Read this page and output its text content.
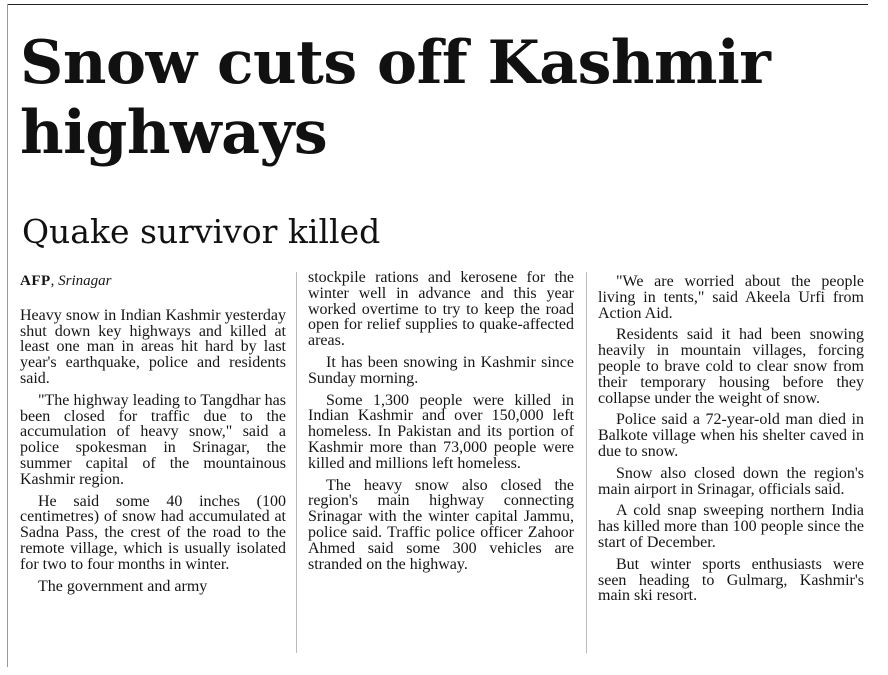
Snow cuts off Kashmir highways
Quake survivor killed
AFP, Srinagar

Heavy snow in Indian Kashmir yesterday shut down key highways and killed at least one man in areas hit hard by last year's earthquake, police and residents said.

"The highway leading to Tangdhar has been closed for traffic due to the accumulation of heavy snow," said a police spokesman in Srinagar, the summer capital of the mountainous Kashmir region.

He said some 40 inches (100 centimetres) of snow had accumulated at Sadna Pass, the crest of the road to the remote village, which is usually isolated for two to four months in winter.

The government and army

stockpile rations and kerosene for the winter well in advance and this year worked overtime to try to keep the road open for relief supplies to quake-affected areas.

It has been snowing in Kashmir since Sunday morning.

Some 1,300 people were killed in Indian Kashmir and over 150,000 left homeless. In Pakistan and its portion of Kashmir more than 73,000 people were killed and millions left homeless.

The heavy snow also closed the region's main highway connecting Srinagar with the winter capital Jammu, police said. Traffic police officer Zahoor Ahmed said some 300 vehicles are stranded on the highway.

"We are worried about the people living in tents," said Akeela Urfi from Action Aid.

Residents said it had been snowing heavily in mountain villages, forcing people to brave cold to clear snow from their temporary housing before they collapse under the weight of snow.

Police said a 72-year-old man died in Balkote village when his shelter caved in due to snow.

Snow also closed down the region's main airport in Srinagar, officials said.

A cold snap sweeping northern India has killed more than 100 people since the start of December.

But winter sports enthusiasts were seen heading to Gulmarg, Kashmir's main ski resort.
